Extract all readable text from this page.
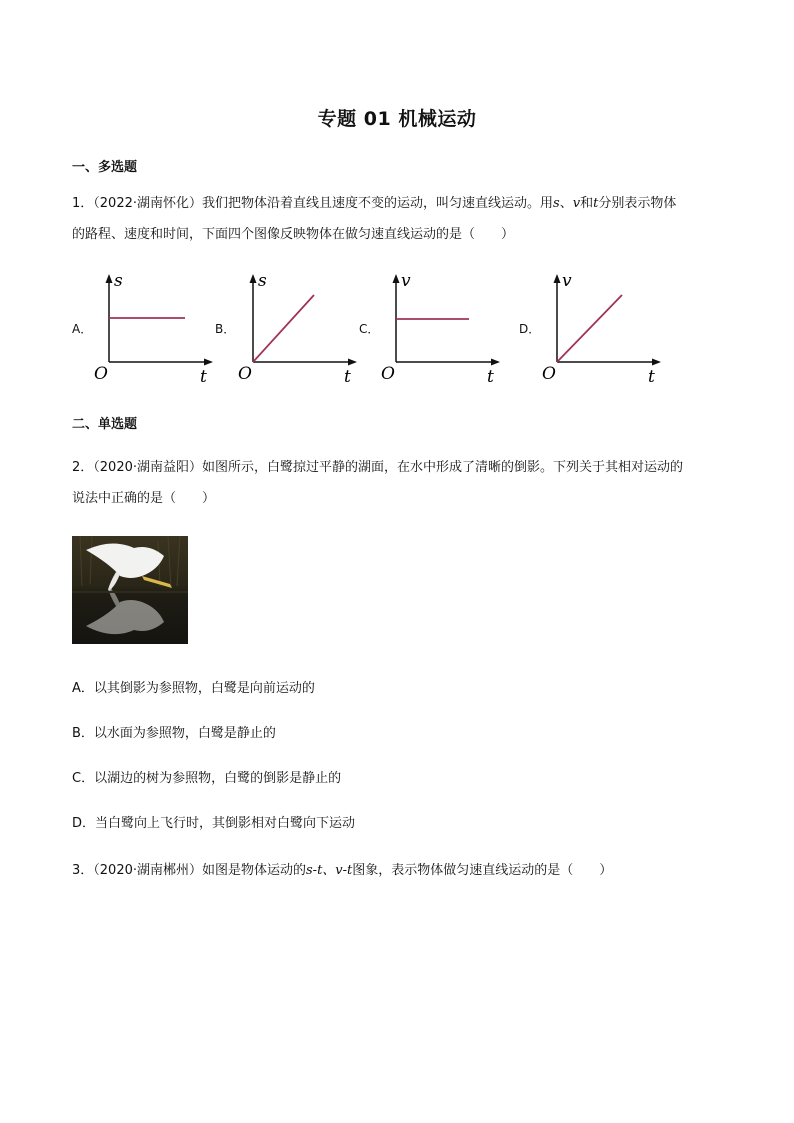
专题 01 机械运动
一、多选题
1．（2022·湖南怀化）我们把物体沿着直线且速度不变的运动，叫匀速直线运动。用s、v和t分别表示物体
的路程、速度和时间，下面四个图像反映物体在做匀速直线运动的是（　　）
A．
s
O	t
B．
s
O	t
C．
v
O	t
D．
v
O	t
二、单选题
2．（2020·湖南益阳）如图所示，白鹭掠过平静的湖面，在水中形成了清晰的倒影。下列关于其相对运动的
说法中正确的是（　　）
A．以其倒影为参照物，白鹭是向前运动的
B．以水面为参照物，白鹭是静止的
C．以湖边的树为参照物，白鹭的倒影是静止的
D．当白鹭向上飞行时，其倒影相对白鹭向下运动
3．（2020·湖南郴州）如图是物体运动的s-t、v-t图象，表示物体做匀速直线运动的是（　　）
